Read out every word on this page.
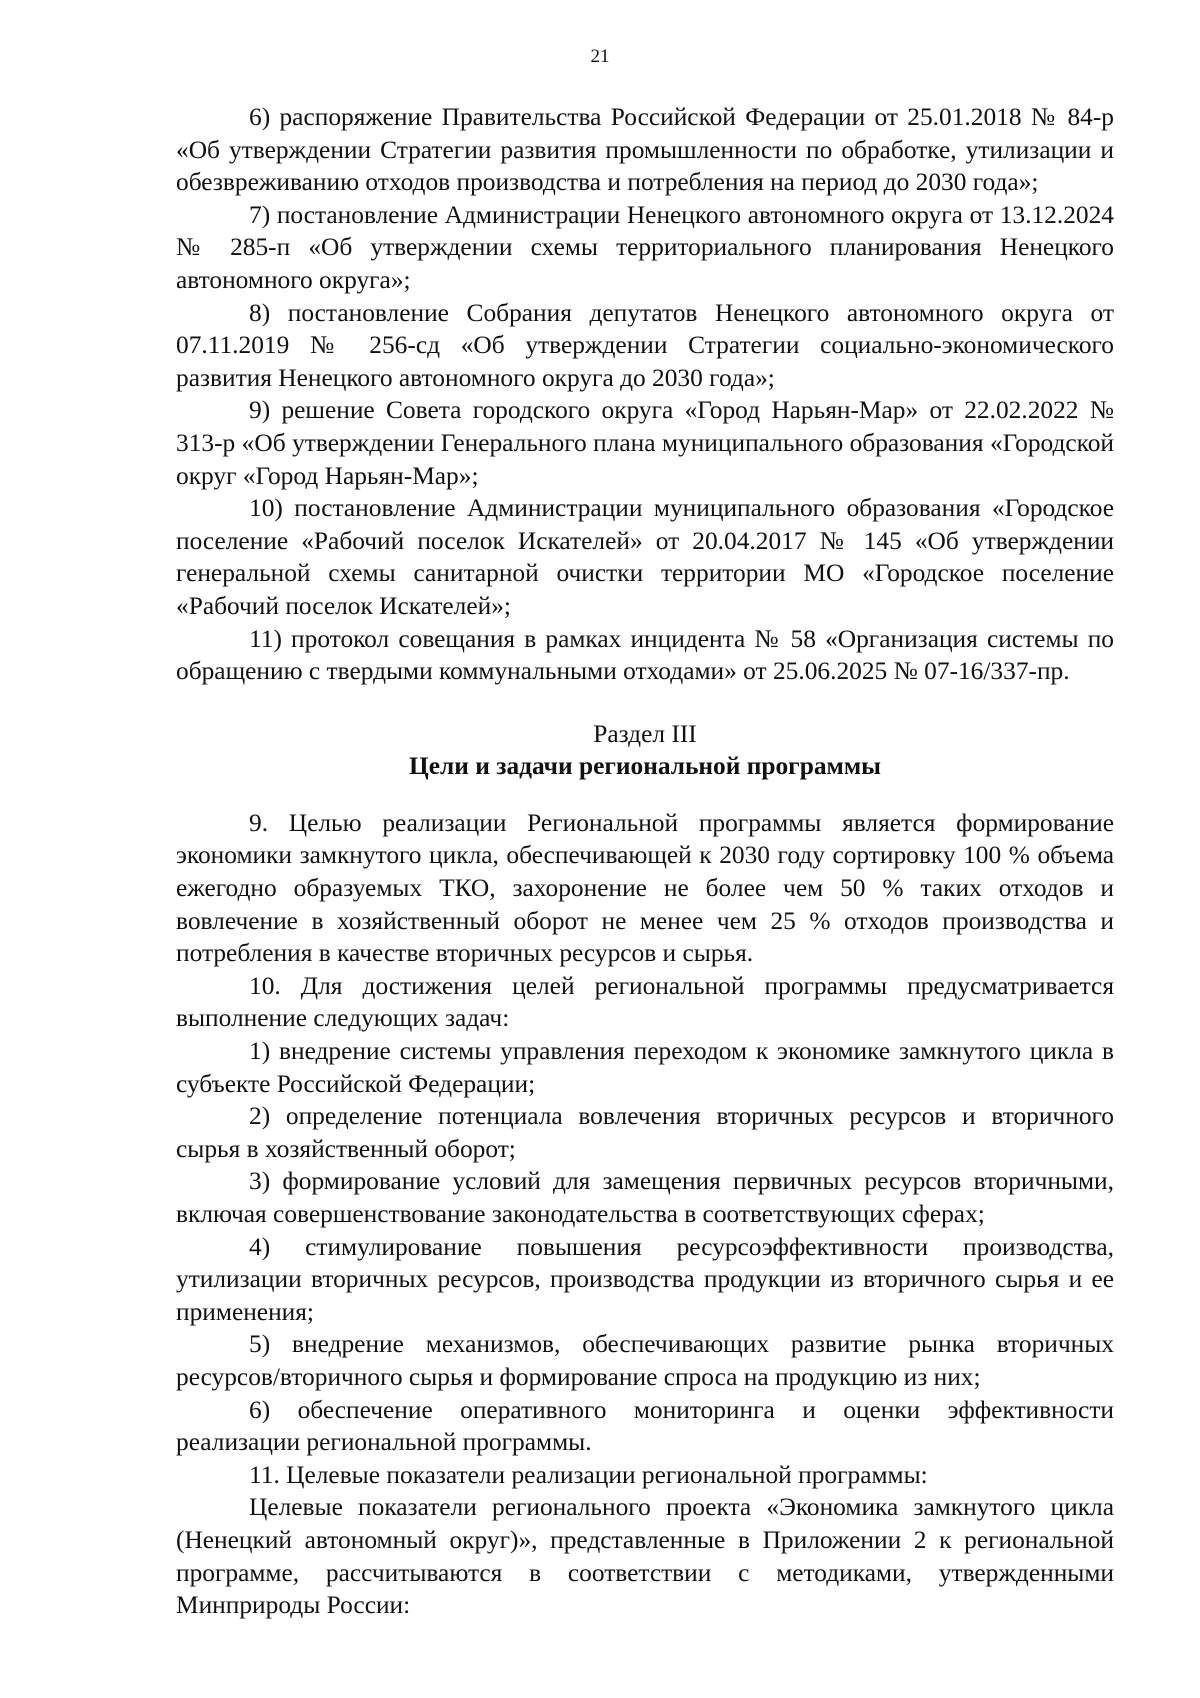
21

6) распоряжение Правительства Российской Федерации от 25.01.2018 № 84-р «Об утверждении Стратегии развития промышленности по обработке, утилизации и обезвреживанию отходов производства и потребления на период до 2030 года»;

7) постановление Администрации Ненецкого автономного округа от 13.12.2024 № 285-п «Об утверждении схемы территориального планирования Ненецкого автономного округа»;

8) постановление Собрания депутатов Ненецкого автономного округа от 07.11.2019 № 256-сд «Об утверждении Стратегии социально-экономического развития Ненецкого автономного округа до 2030 года»;

9) решение Совета городского округа «Город Нарьян-Мар» от 22.02.2022 № 313-р «Об утверждении Генерального плана муниципального образования «Городской округ «Город Нарьян-Мар»;

10) постановление Администрации муниципального образования «Городское поселение «Рабочий поселок Искателей» от 20.04.2017 № 145 «Об утверждении генеральной схемы санитарной очистки территории МО «Городское поселение «Рабочий поселок Искателей»;

11) протокол совещания в рамках инцидента № 58 «Организация системы по обращению с твердыми коммунальными отходами» от 25.06.2025 № 07-16/337-пр.

Раздел III

Цели и задачи региональной программы

9. Целью реализации Региональной программы является формирование экономики замкнутого цикла, обеспечивающей к 2030 году сортировку 100 % объема ежегодно образуемых ТКО, захоронение не более чем 50 % таких отходов и вовлечение в хозяйственный оборот не менее чем 25 % отходов производства и потребления в качестве вторичных ресурсов и сырья.

10. Для достижения целей региональной программы предусматривается выполнение следующих задач:

1) внедрение системы управления переходом к экономике замкнутого цикла в субъекте Российской Федерации;

2) определение потенциала вовлечения вторичных ресурсов и вторичного сырья в хозяйственный оборот;

3) формирование условий для замещения первичных ресурсов вторичными, включая совершенствование законодательства в соответствующих сферах;

4) стимулирование повышения ресурсоэффективности производства, утилизации вторичных ресурсов, производства продукции из вторичного сырья и ее применения;

5) внедрение механизмов, обеспечивающих развитие рынка вторичных ресурсов/вторичного сырья и формирование спроса на продукцию из них;

6) обеспечение оперативного мониторинга и оценки эффективности реализации региональной программы.

11. Целевые показатели реализации региональной программы:

Целевые показатели регионального проекта «Экономика замкнутого цикла (Ненецкий автономный округ)», представленные в Приложении 2 к региональной программе, рассчитываются в соответствии с методиками, утвержденными Минприроды России:
